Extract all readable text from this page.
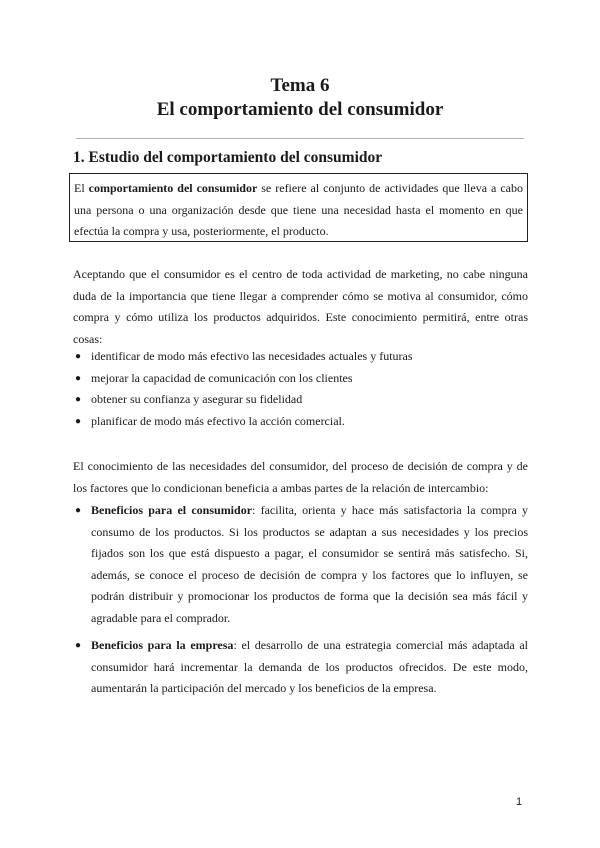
Tema 6
El comportamiento del consumidor
1. Estudio del comportamiento del consumidor

El comportamiento del consumidor se refiere al conjunto de actividades que lleva a cabo una persona o una organización desde que tiene una necesidad hasta el momento en que efectúa la compra y usa, posteriormente, el producto.

Aceptando que el consumidor es el centro de toda actividad de marketing, no cabe ninguna duda de la importancia que tiene llegar a comprender cómo se motiva al consumidor, cómo compra y cómo utiliza los productos adquiridos. Este conocimiento permitirá, entre otras cosas:

● identificar de modo más efectivo las necesidades actuales y futuras
● mejorar la capacidad de comunicación con los clientes
● obtener su confianza y asegurar su fidelidad
● planificar de modo más efectivo la acción comercial.

El conocimiento de las necesidades del consumidor, del proceso de decisión de compra y de los factores que lo condicionan beneficia a ambas partes de la relación de intercambio:

● Beneficios para el consumidor: facilita, orienta y hace más satisfactoria la compra y consumo de los productos. Si los productos se adaptan a sus necesidades y los precios fijados son los que está dispuesto a pagar, el consumidor se sentirá más satisfecho. Si, además, se conoce el proceso de decisión de compra y los factores que lo influyen, se podrán distribuir y promocionar los productos de forma que la decisión sea más fácil y agradable para el comprador.
● Beneficios para la empresa: el desarrollo de una estrategia comercial más adaptada al consumidor hará incrementar la demanda de los productos ofrecidos. De este modo, aumentarán la participación del mercado y los beneficios de la empresa.
1
